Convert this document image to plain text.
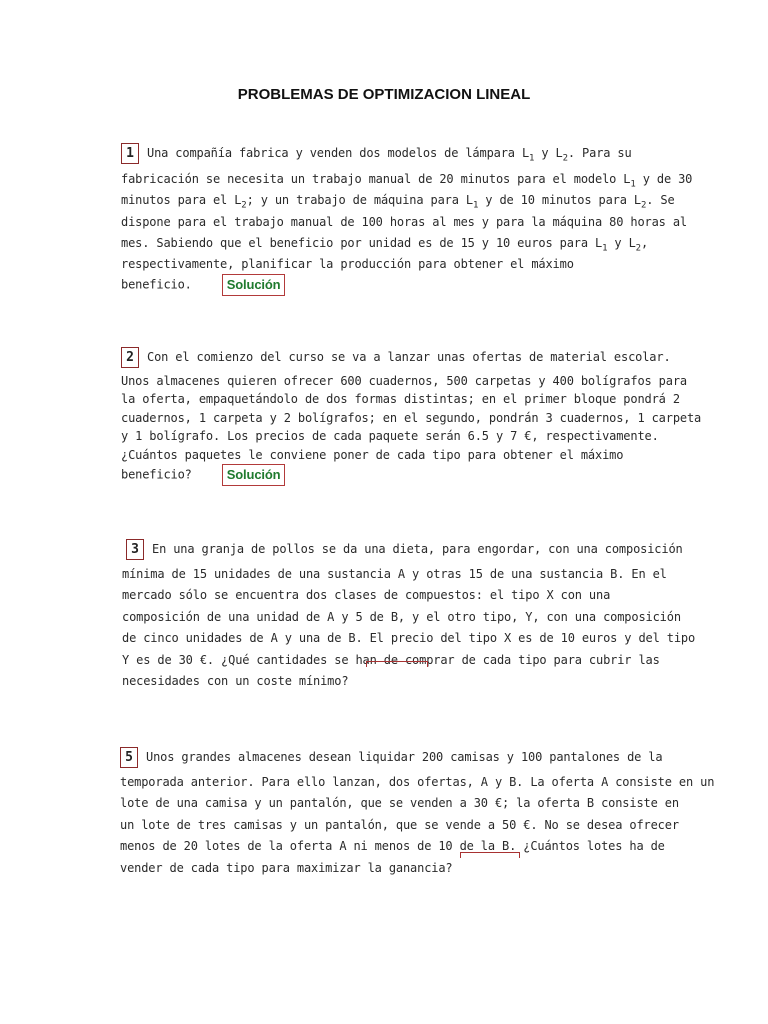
PROBLEMAS DE OPTIMIZACION LINEAL
1 Una compañía fabrica y venden dos modelos de lámpara $L_1$ y $L_2$. Para su
fabricación se necesita un trabajo manual de 20 minutos para el modelo $L_1$ y de 30
minutos para el $L_2$; y un trabajo de máquina para $L_1$ y de 10 minutos para $L_2$. Se
dispone para el trabajo manual de 100 horas al mes y para la máquina 80 horas al
mes. Sabiendo que el beneficio por unidad es de 15 y 10 euros para $L_1$ y $L_2$,
respectivamente, planificar la producción para obtener el máximo
beneficio.	Solución
2 Con el comienzo del curso se va a lanzar unas ofertas de material escolar.
Unos almacenes quieren ofrecer 600 cuadernos, 500 carpetas y 400 bolígrafos para
la oferta, empaquetándolo de dos formas distintas; en el primer bloque pondrá 2
cuadernos, 1 carpeta y 2 bolígrafos; en el segundo, pondrán 3 cuadernos, 1 carpeta
y 1 bolígrafo. Los precios de cada paquete serán 6.5 y 7 €, respectivamente.
¿Cuántos paquetes le conviene poner de cada tipo para obtener el máximo
beneficio?	Solución
3 En una granja de pollos se da una dieta, para engordar, con una composición
mínima de 15 unidades de una sustancia A y otras 15 de una sustancia B. En el
mercado sólo se encuentra dos clases de compuestos: el tipo X con una
composición de una unidad de A y 5 de B, y el otro tipo, Y, con una composición
de cinco unidades de A y una de B. El precio del tipo X es de 10 euros y del tipo
Y es de 30 €. ¿Qué cantidades se han de comprar de cada tipo para cubrir las
necesidades con un coste mínimo?
5 Unos grandes almacenes desean liquidar 200 camisas y 100 pantalones de la
temporada anterior. Para ello lanzan, dos ofertas, A y B. La oferta A consiste en un
lote de una camisa y un pantalón, que se venden a 30 €; la oferta B consiste en
un lote de tres camisas y un pantalón, que se vende a 50 €. No se desea ofrecer
menos de 20 lotes de la oferta A ni menos de 10 de la B. ¿Cuántos lotes ha de
vender de cada tipo para maximizar la ganancia?
